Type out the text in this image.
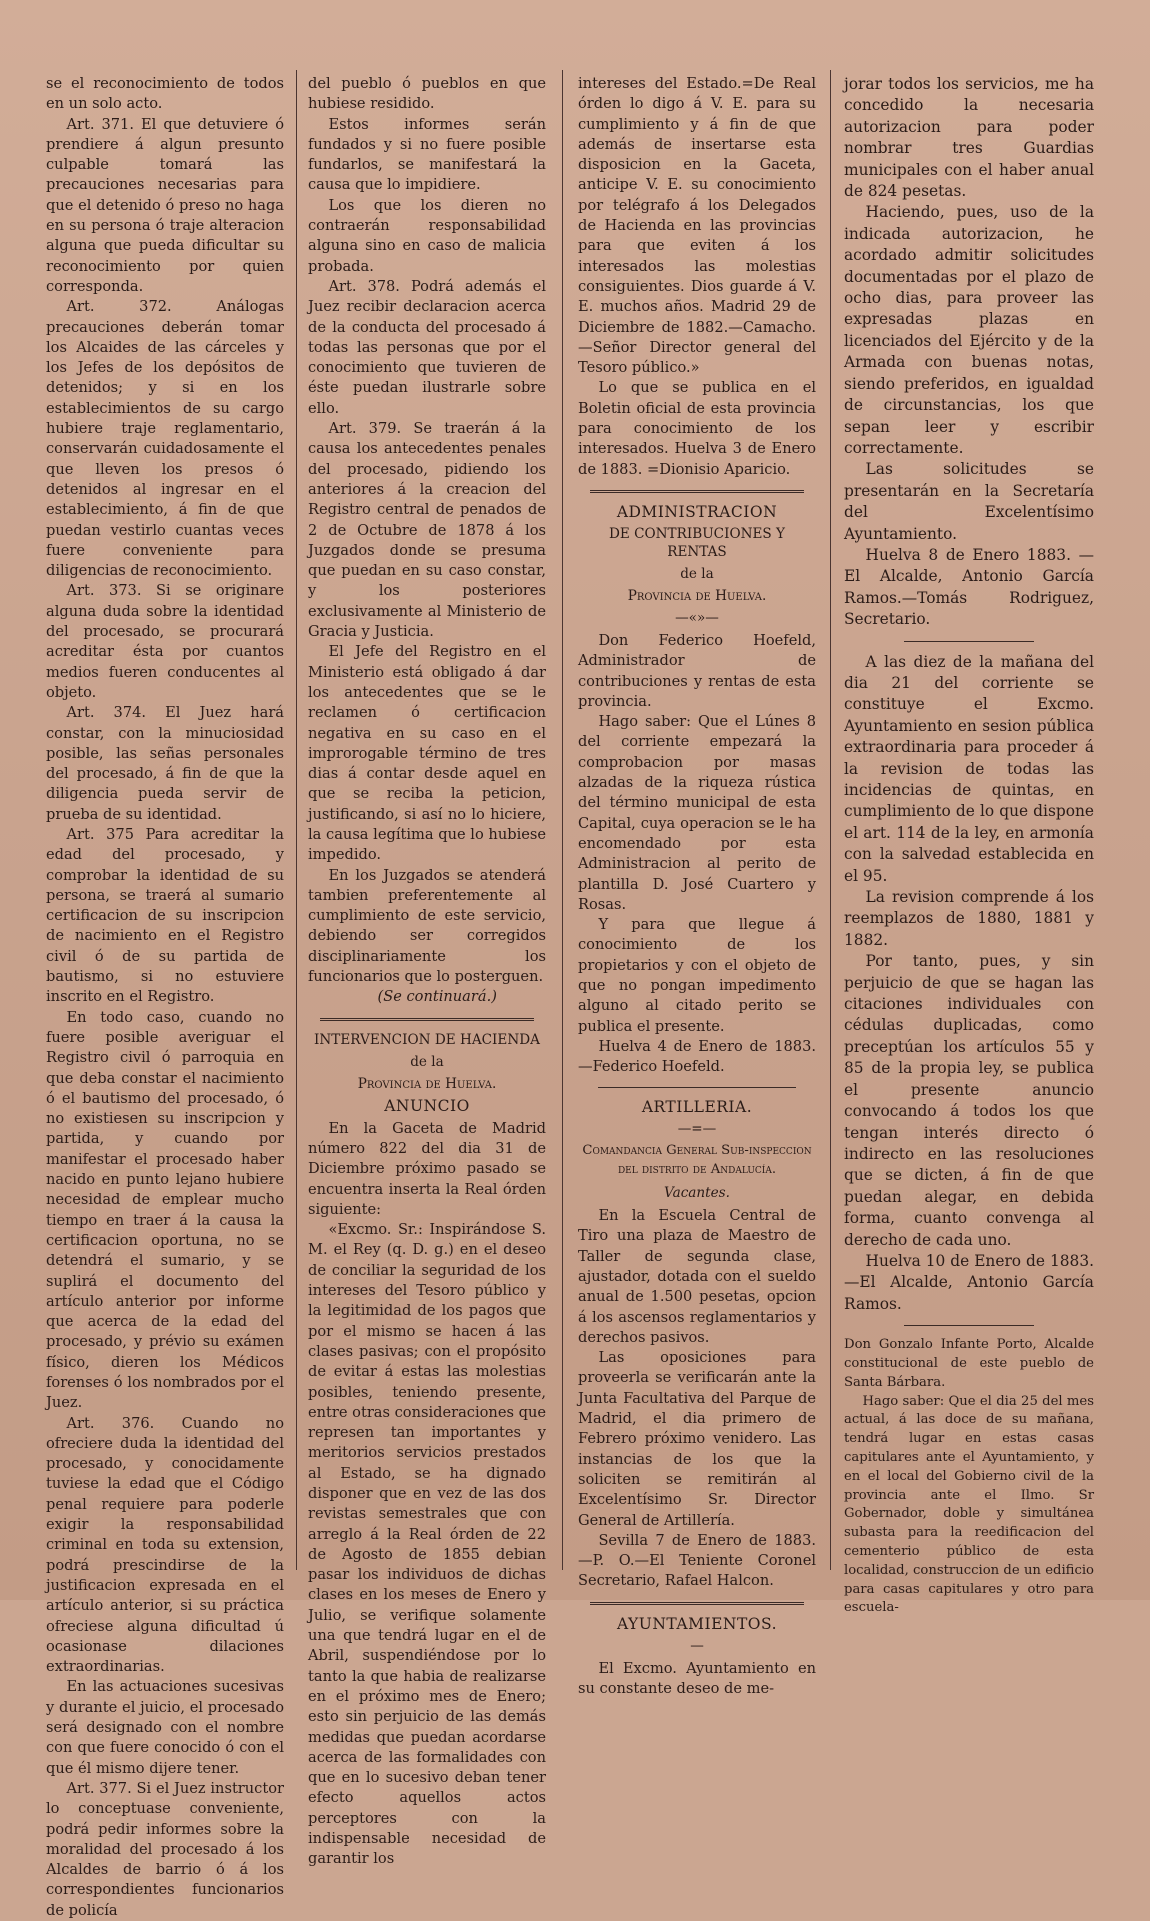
se el reconocimiento de todos en un solo acto.

Art. 371. El que detuviere ó prendiere á algun presunto culpable tomará las precauciones necesarias para que el detenido ó preso no haga en su persona ó traje alteracion alguna que pueda dificultar su reconocimiento por quien corresponda.

Art. 372. Análogas precauciones deberán tomar los Alcaides de las cárceles y los Jefes de los depósitos de detenidos; y si en los establecimientos de su cargo hubiere traje reglamentario, conservarán cuidadosamente el que lleven los presos ó detenidos al ingresar en el establecimiento, á fin de que puedan vestirlo cuantas veces fuere conveniente para diligencias de reconocimiento.

Art. 373. Si se originare alguna duda sobre la identidad del procesado, se procurará acreditar ésta por cuantos medios fueren conducentes al objeto.

Art. 374. El Juez hará constar, con la minuciosidad posible, las señas personales del procesado, á fin de que la diligencia pueda servir de prueba de su identidad.

Art. 375 Para acreditar la edad del procesado, y comprobar la identidad de su persona, se traerá al sumario certificacion de su inscripcion de nacimiento en el Registro civil ó de su partida de bautismo, si no estuviere inscrito en el Registro.

En todo caso, cuando no fuere posible averiguar el Registro civil ó parroquia en que deba constar el nacimiento ó el bautismo del procesado, ó no existiesen su inscripcion y partida, y cuando por manifestar el procesado haber nacido en punto lejano hubiere necesidad de emplear mucho tiempo en traer á la causa la certificacion oportuna, no se detendrá el sumario, y se suplirá el documento del artículo anterior por informe que acerca de la edad del procesado, y prévio su exámen físico, dieren los Médicos forenses ó los nombrados por el Juez.

Art. 376. Cuando no ofreciere duda la identidad del procesado, y conocidamente tuviese la edad que el Código penal requiere para poderle exigir la responsabilidad criminal en toda su extension, podrá prescindirse de la justificacion expresada en el artículo anterior, si su práctica ofreciese alguna dificultad ú ocasionase dilaciones extraordinarias.

En las actuaciones sucesivas y durante el juicio, el procesado será designado con el nombre con que fuere conocido ó con el que él mismo dijere tener.

Art. 377. Si el Juez instructor lo conceptuase conveniente, podrá pedir informes sobre la moralidad del procesado á los Alcaldes de barrio ó á los correspondientes funcionarios de policía

del pueblo ó pueblos en que hubiese residido.

Estos informes serán fundados y si no fuere posible fundarlos, se manifestará la causa que lo impidiere.

Los que los dieren no contraerán responsabilidad alguna sino en caso de malicia probada.

Art. 378. Podrá además el Juez recibir declaracion acerca de la conducta del procesado á todas las personas que por el conocimiento que tuvieren de éste puedan ilustrarle sobre ello.

Art. 379. Se traerán á la causa los antecedentes penales del procesado, pidiendo los anteriores á la creacion del Registro central de penados de 2 de Octubre de 1878 á los Juzgados donde se presuma que puedan en su caso constar, y los posteriores exclusivamente al Ministerio de Gracia y Justicia.

El Jefe del Registro en el Ministerio está obligado á dar los antecedentes que se le reclamen ó certificacion negativa en su caso en el improrogable término de tres dias á contar desde aquel en que se reciba la peticion, justificando, si así no lo hiciere, la causa legítima que lo hubiese impedido.

En los Juzgados se atenderá tambien preferentemente al cumplimiento de este servicio, debiendo ser corregidos disciplinariamente los funcionarios que lo posterguen.

(Se continuará.)

INTERVENCION DE HACIENDA
de la
Provincia de Huelva.
ANUNCIO

En la Gaceta de Madrid número 822 del dia 31 de Diciembre próximo pasado se encuentra inserta la Real órden siguiente:

«Excmo. Sr.: Inspirándose S. M. el Rey (q. D. g.) en el deseo de conciliar la seguridad de los intereses del Tesoro público y la legitimidad de los pagos que por el mismo se hacen á las clases pasivas; con el propósito de evitar á estas las molestias posibles, teniendo presente, entre otras consideraciones que represen tan importantes y meritorios servicios prestados al Estado, se ha dignado disponer que en vez de las dos revistas semestrales que con arreglo á la Real órden de 22 de Agosto de 1855 debian pasar los individuos de dichas clases en los meses de Enero y Julio, se verifique solamente una que tendrá lugar en el de Abril, suspendiéndose por lo tanto la que habia de realizarse en el próximo mes de Enero; esto sin perjuicio de las demás medidas que puedan acordarse acerca de las formalidades con que en lo sucesivo deban tener efecto aquellos actos perceptores con la indispensable necesidad de garantir los

intereses del Estado.=De Real órden lo digo á V. E. para su cumplimiento y á fin de que además de insertarse esta disposicion en la Gaceta, anticipe V. E. su conocimiento por telégrafo á los Delegados de Hacienda en las provincias para que eviten á los interesados las molestias consiguientes. Dios guarde á V. E. muchos años. Madrid 29 de Diciembre de 1882.—Camacho.—Señor Director general del Tesoro público.»

Lo que se publica en el Boletin oficial de esta provincia para conocimiento de los interesados. Huelva 3 de Enero de 1883. =Dionisio Aparicio.

ADMINISTRACION
DE CONTRIBUCIONES Y RENTAS
de la
Provincia de Huelva.
—«»—

Don Federico Hoefeld, Administrador de contribuciones y rentas de esta provincia.

Hago saber: Que el Lúnes 8 del corriente empezará la comprobacion por masas alzadas de la riqueza rústica del término municipal de esta Capital, cuya operacion se le ha encomendado por esta Administracion al perito de plantilla D. José Cuartero y Rosas.

Y para que llegue á conocimiento de los propietarios y con el objeto de que no pongan impedimento alguno al citado perito se publica el presente.

Huelva 4 de Enero de 1883. —Federico Hoefeld.

ARTILLERIA.
—=—
Comandancia General Sub-inspeccion del distrito de Andalucía.
Vacantes.

En la Escuela Central de Tiro una plaza de Maestro de Taller de segunda clase, ajustador, dotada con el sueldo anual de 1.500 pesetas, opcion á los ascensos reglamentarios y derechos pasivos.

Las oposiciones para proveerla se verificarán ante la Junta Facultativa del Parque de Madrid, el dia primero de Febrero próximo venidero. Las instancias de los que la soliciten se remitirán al Excelentísimo Sr. Director General de Artillería.

Sevilla 7 de Enero de 1883. —P. O.—El Teniente Coronel Secretario, Rafael Halcon.

AYUNTAMIENTOS.
—

El Excmo. Ayuntamiento en su constante deseo de me-

jorar todos los servicios, me ha concedido la necesaria autorizacion para poder nombrar tres Guardias municipales con el haber anual de 824 pesetas.

Haciendo, pues, uso de la indicada autorizacion, he acordado admitir solicitudes documentadas por el plazo de ocho dias, para proveer las expresadas plazas en licenciados del Ejército y de la Armada con buenas notas, siendo preferidos, en igualdad de circunstancias, los que sepan leer y escribir correctamente.

Las solicitudes se presentarán en la Secretaría del Excelentísimo Ayuntamiento.

Huelva 8 de Enero 1883. —El Alcalde, Antonio García Ramos.—Tomás Rodriguez, Secretario.

A las diez de la mañana del dia 21 del corriente se constituye el Excmo. Ayuntamiento en sesion pública extraordinaria para proceder á la revision de todas las incidencias de quintas, en cumplimiento de lo que dispone el art. 114 de la ley, en armonía con la salvedad establecida en el 95.

La revision comprende á los reemplazos de 1880, 1881 y 1882.

Por tanto, pues, y sin perjuicio de que se hagan las citaciones individuales con cédulas duplicadas, como preceptúan los artículos 55 y 85 de la propia ley, se publica el presente anuncio convocando á todos los que tengan interés directo ó indirecto en las resoluciones que se dicten, á fin de que puedan alegar, en debida forma, cuanto convenga al derecho de cada uno.

Huelva 10 de Enero de 1883. —El Alcalde, Antonio García Ramos.

Don Gonzalo Infante Porto, Alcalde constitucional de este pueblo de Santa Bárbara.

Hago saber: Que el dia 25 del mes actual, á las doce de su mañana, tendrá lugar en estas casas capitulares ante el Ayuntamiento, y en el local del Gobierno civil de la provincia ante el Ilmo. Sr Gobernador, doble y simultánea subasta para la reedificacion del cementerio público de esta localidad, construccion de un edificio para casas capitulares y otro para escuela-
